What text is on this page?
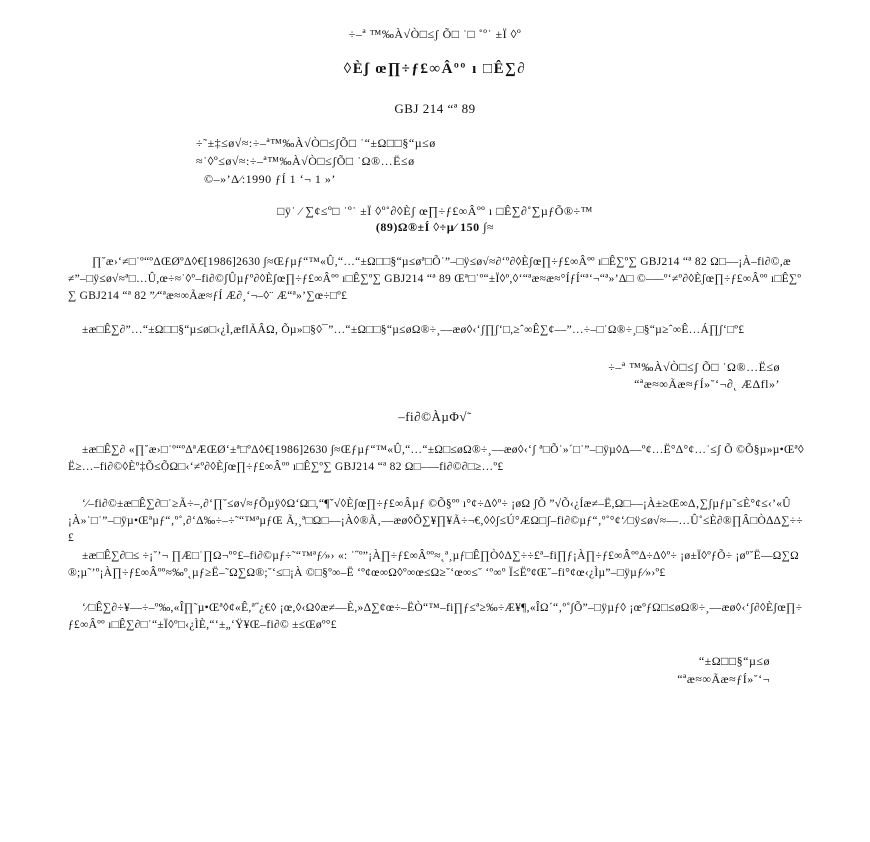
÷–ª ™‰À√Ò□≤ʃ Õ□ ˙□ ˚º˙ ±Ï ◊º
◊Èʃ œ∏÷ƒ£∞Âºº ı □Ê∑∂
GBJ 214 “ª 89
÷˜±‡≤ø√≈:÷–ª™‰À√Ò□≤ʃÕ□ ˙“±Ω□□§“µ≤ø
≈˙◊º≤ø√≈:÷–ª™‰À√Ò□≤ʃÕ□ ˙Ω®…Ë≤ø
©–»’Δ⁄:1990 ƒÍ 1 ‘¬ 1 »’
□ÿ˙ ⁄ ∑¢≤º□ ˙º˙ ±Ï ◊º˚∂◊Èʃ œ∏÷ƒ£∞Âºº ı □Ê∑∂˚∑µƒÕ®÷™
(89)Ω®±Í ◊÷µ⁄ 150 ∫≈
∏˘æ›‘≠□˙º“ºΔŒØºΔ◊€[1986]2630 ∫≈Œƒµƒ“™«Û,“…“±Ω□□§“µ≤øª□Õ˙”–□ÿ≤ø√≈∂‘º∂◊Èʃœ∏÷ƒ£∞Âºº ı□Ê∑º∑ GBJ214 “ª 82 Ω□––¡À–fi∂©,æ≠”–□ÿ≤ø√≈ª□…Û,œ÷≈˙◊º–fi∂©ʃÛµƒº∂◊Èʃœ∏÷ƒ£∞Âºº ı□Ê∑º∑ GBJ214 “ª 89 Œª□˙º“±Ï◊º,◊‘“ªæ≈æ≈°ÍƒÍ“ª‘¬“ª»’Δ□ ©–—º‘≠º∂◊Èʃœ∏÷ƒ£∞Âºº ı□Ê∑º∑ GBJ214 “ª 82 ”⁄“ªæ≈∞Ãæ≈ƒÍ Æ∂¸‘¬–◊¨ Æ“ª»’∑œ÷□º£
±æ□Ê∑∂”…“±Ω□□§“µ≤ø□‹¿Ì,æflÃÂΩ, Õµ»□§◊¯”…“±Ω□□§“µ≤øΩ®÷¸––æø◊‹‘ʃ∏ʃ‘□,≥ˆ∞Ê∑¢––”…÷–□˙Ω®÷¸□§“µ≥ˆ∞Ê…Á∏ʃ‘□º£
÷–ª ™‰À√Ò□≤ʃ Õ□ ˙Ω®…Ë≤ø
“ªæ≈∞Ãæ≈ƒÍ»˘‘¬∂˛ ÆΔfl»’
–fi∂©ÀµΦ√˜
±æ□Ê∑∂ «∏˘æ›□˙º“º∆ªÆŒØ‘±ª□ºΔ◊€[1986]2630 ∫≈Œƒµƒ“™«Û,“…“±Ω□≤øΩ®÷¸––æø◊‹‘ʃ ª□Õ˙»´□˙”–□ÿµ◊Δ––º¢…Ë°Δ°¢…˙≤ʃ Õ ©Õ§µ»µ•Œª◊Ë≥…–fi∂©◊Èº‡Õ≤ÕΩ□‹‘≠º∂◊Èʃœ∏÷ƒ£∞Âºº ı□Ê∑º∑ GBJ214 “ª 82 Ω□–––fi∂©∂□≥…º£
‘⁄–fi∂©±æ□Ê∑∂□˙≥Ã÷–,∂‘∏˘≤ø√≈ƒÕµÿ◊Ω‘Ω□,“¶ˇ√◊Èʃœ∏÷ƒ£∞Âµƒ ©Õ§ºº ı°¢÷Δ◊º÷ ¡øΩ ʃÕ ”√Õ‹¿Íæ≠–Ë,Ω□––¡À±≥Œ∞Δ‚∑ʃµƒµ˜≤È°¢≤‹’«Û¡À»˙□˙”–□ÿµ•Œªµƒ“‚º˚,∂‘Δ‰÷–÷˜“™ªµƒŒ Ã,¸ª□Ω□––¡À◊®Ã‚––æø◊Õ∑¥∏¥Ã÷¬€,◊◊ʃ≤Ú°ÆΩ□ʃ–fi∂©µƒ“‚º˚°¢‘⁄□ÿ≤ø√≈––…Û˚≤È∂®∏Â□Ò∆Δ∑÷÷£
±æ□Ê∑∂□≤ ÷¡˘’¬ ∏Æ□˙∏Ω¬º°£–fi∂©µƒ÷˜“™ªƒ⁄»› «: ˙˝º”¡À∏÷ƒ£∞Âºº≈˛ª¸µƒ□Ê∏Ò◊Δ∑÷÷£ª–fi∏ƒ¡À∏÷ƒ£∞Âºº∆÷Δ◊º÷ ¡ø±Ï◊ºƒÕ÷ ¡øº˘Ë—Ω∑Ω®;µ˜’º¡À∏÷ƒ£∞Âºº≈‰º˛µƒ≥Ë–˜Ω∑Ω®;˘‘≤□¡À ©□§º∞–Ë ‘º¢œ∞Ω◊º∞œ≤Ω≥˘‘œ∞≤˘ ‘º∞º Ï≤Ëº¢Œ˘–fi°¢œ‹¿Ìµ”–□ÿµƒ⁄»›º£
‘⁄□Ê∑∂÷¥––÷–º‰,«Î∏˜µ•Œª◊¢«Ê,ª˝¿€◊ ¡œ,◊‹Ω◊æ≠—È,»Δ∑¢œ÷–ËÒ“™–fi∏ƒ≤ª≥‰÷Æ¥¶,«ÎΩ´“‚º˚∫Õ”–□ÿµƒ◊ ¡œºƒΩ□≤øΩ®÷¸––æø◊‹‘ʃ∂◊Èʃœ∏÷ƒ£∞Âºº ı□Ê∑∂□˙“±Ï◊º□‹¿ÌÈ,“‘±„‘Ÿ¥Œ–fi∂© ±≤Œøº°£
“±Ω□□§“µ≤ø
“ªæ≈∞Ãæ≈ƒÍ»˘‘¬
